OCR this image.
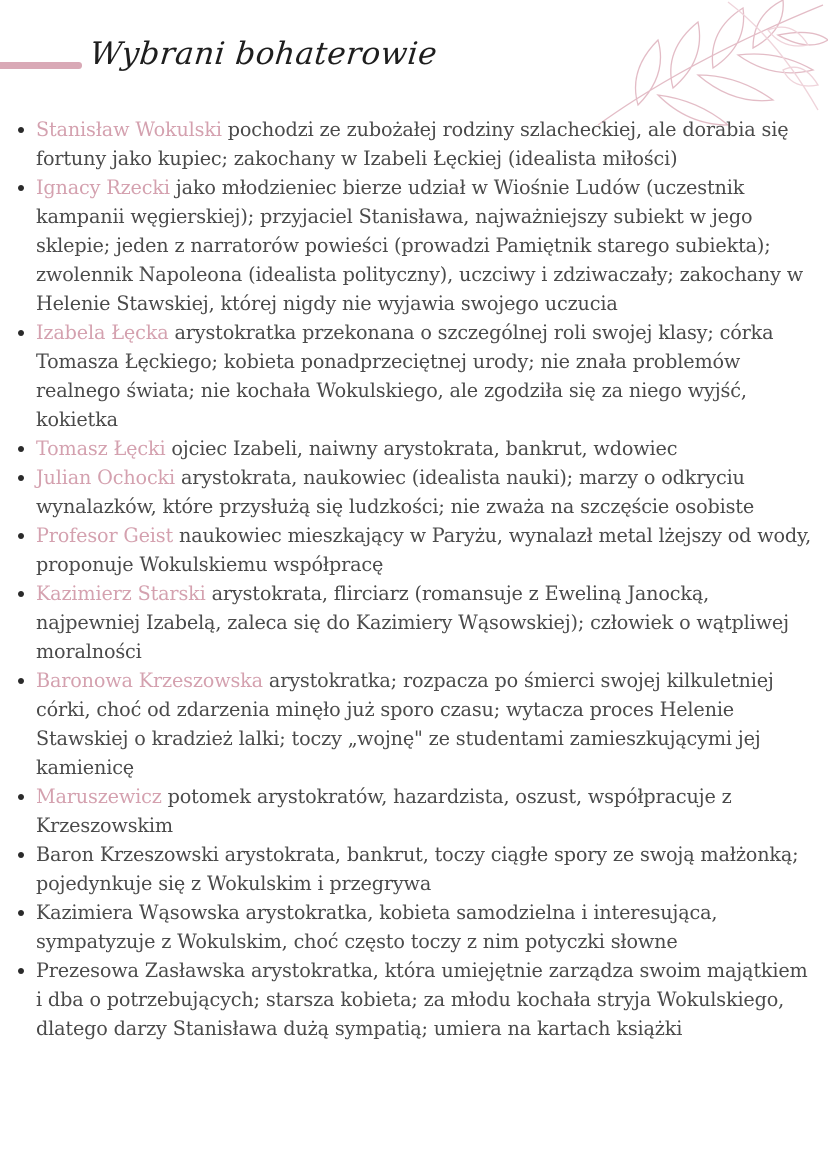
Wybrani bohaterowie
Stanisław Wokulski pochodzi ze zubożałej rodziny szlacheckiej, ale dorabia się fortuny jako kupiec; zakochany w Izabeli Łęckiej (idealista miłości)
Ignacy Rzecki jako młodzieniec bierze udział w Wiośnie Ludów (uczestnik kampanii węgierskiej); przyjaciel Stanisława, najważniejszy subiekt w jego sklepie; jeden z narratorów powieści (prowadzi Pamiętnik starego subiekta); zwolennik Napoleona (idealista polityczny), uczciwy i zdziwaczały; zakochany w Helenie Stawskiej, której nigdy nie wyjawia swojego uczucia
Izabela Łęcka arystokratka przekonana o szczególnej roli swojej klasy; córka Tomasza Łęckiego; kobieta ponadprzeciętnej urody; nie znała problemów realnego świata; nie kochała Wokulskiego, ale zgodziła się za niego wyjść, kokietka
Tomasz Łęcki ojciec Izabeli, naiwny arystokrata, bankrut, wdowiec
Julian Ochocki arystokrata, naukowiec (idealista nauki); marzy o odkryciu wynalazków, które przysłużą się ludzkości; nie zważa na szczęście osobiste
Profesor Geist naukowiec mieszkający w Paryżu, wynalazł metal lżejszy od wody, proponuje Wokulskiemu współpracę
Kazimierz Starski arystokrata, flirciarz (romansuje z Eweliną Janocką, najpewniej Izabelą, zaleca się do Kazimiery Wąsowskiej); człowiek o wątpliwej moralności
Baronowa Krzeszowska arystokratka; rozpacza po śmierci swojej kilkuletniej córki, choć od zdarzenia minęło już sporo czasu; wytacza proces Helenie Stawskiej o kradzież lalki; toczy „wojnę" ze studentami zamieszkującymi jej kamienicę
Maruszewicz potomek arystokratów, hazardzista, oszust, współpracuje z Krzeszowskim
Baron Krzeszowski arystokrata, bankrut, toczy ciągłe spory ze swoją małżonką; pojedynkuje się z Wokulskim i przegrywa
Kazimiera Wąsowska arystokratka, kobieta samodzielna i interesująca, sympatyzuje z Wokulskim, choć często toczy z nim potyczki słowne
Prezesowa Zasławska arystokratka, która umiejętnie zarządza swoim majątkiem i dba o potrzebujących; starsza kobieta; za młodu kochała stryja Wokulskiego, dlatego darzy Stanisława dużą sympatią; umiera na kartach książki
